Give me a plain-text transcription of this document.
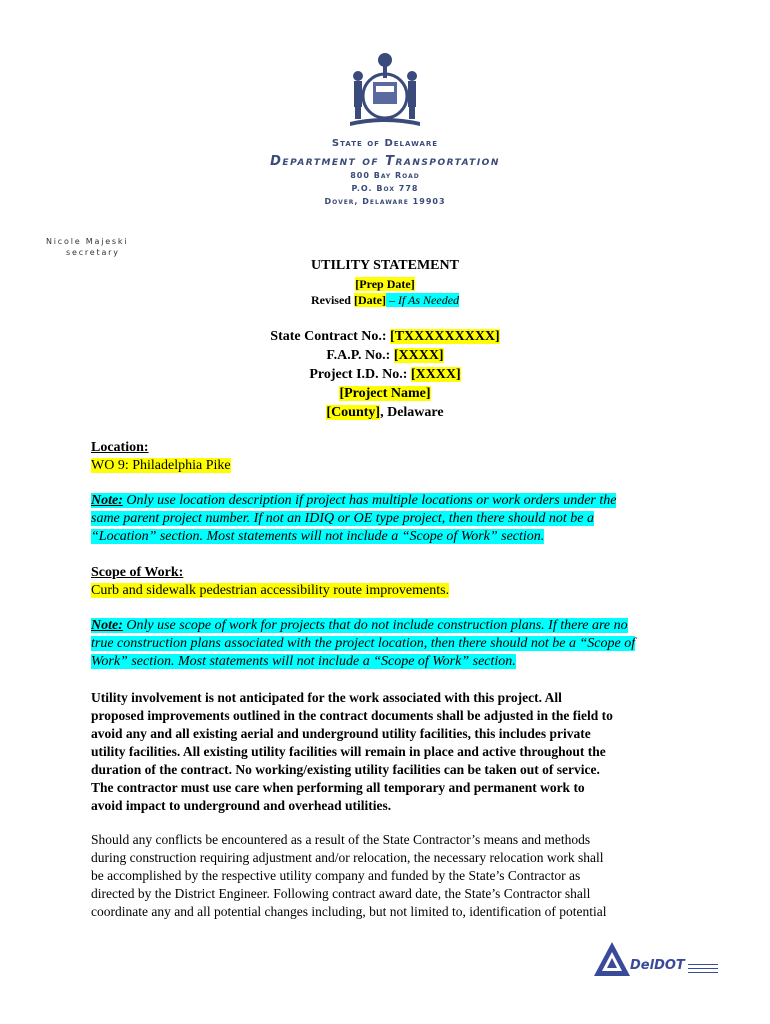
State of Delaware
Department of Transportation
800 Bay Road
P.O. Box 778
Dover, Delaware 19903
Nicole Majeski
secretary
UTILITY STATEMENT
[Prep Date]
Revised [Date] – If As Needed
State Contract No.: [TXXXXXXXXX]
F.A.P. No.: [XXXX]
Project I.D. No.: [XXXX]
[Project Name]
[County], Delaware
Location:
WO 9: Philadelphia Pike
Note: Only use location description if project has multiple locations or work orders under the
same parent project number. If not an IDIQ or OE type project, then there should not be a
“Location” section. Most statements will not include a “Scope of Work” section.
Scope of Work:
Curb and sidewalk pedestrian accessibility route improvements.
Note: Only use scope of work for projects that do not include construction plans. If there are no
true construction plans associated with the project location, then there should not be a “Scope of
Work” section. Most statements will not include a “Scope of Work” section.
Utility involvement is not anticipated for the work associated with this project. All
proposed improvements outlined in the contract documents shall be adjusted in the field to
avoid any and all existing aerial and underground utility facilities, this includes private
utility facilities. All existing utility facilities will remain in place and active throughout the
duration of the contract. No working/existing utility facilities can be taken out of service.
The contractor must use care when performing all temporary and permanent work to
avoid impact to underground and overhead utilities.
Should any conflicts be encountered as a result of the State Contractor’s means and methods
during construction requiring adjustment and/or relocation, the necessary relocation work shall
be accomplished by the respective utility company and funded by the State’s Contractor as
directed by the District Engineer. Following contract award date, the State’s Contractor shall
coordinate any and all potential changes including, but not limited to, identification of potential
DelDOT
